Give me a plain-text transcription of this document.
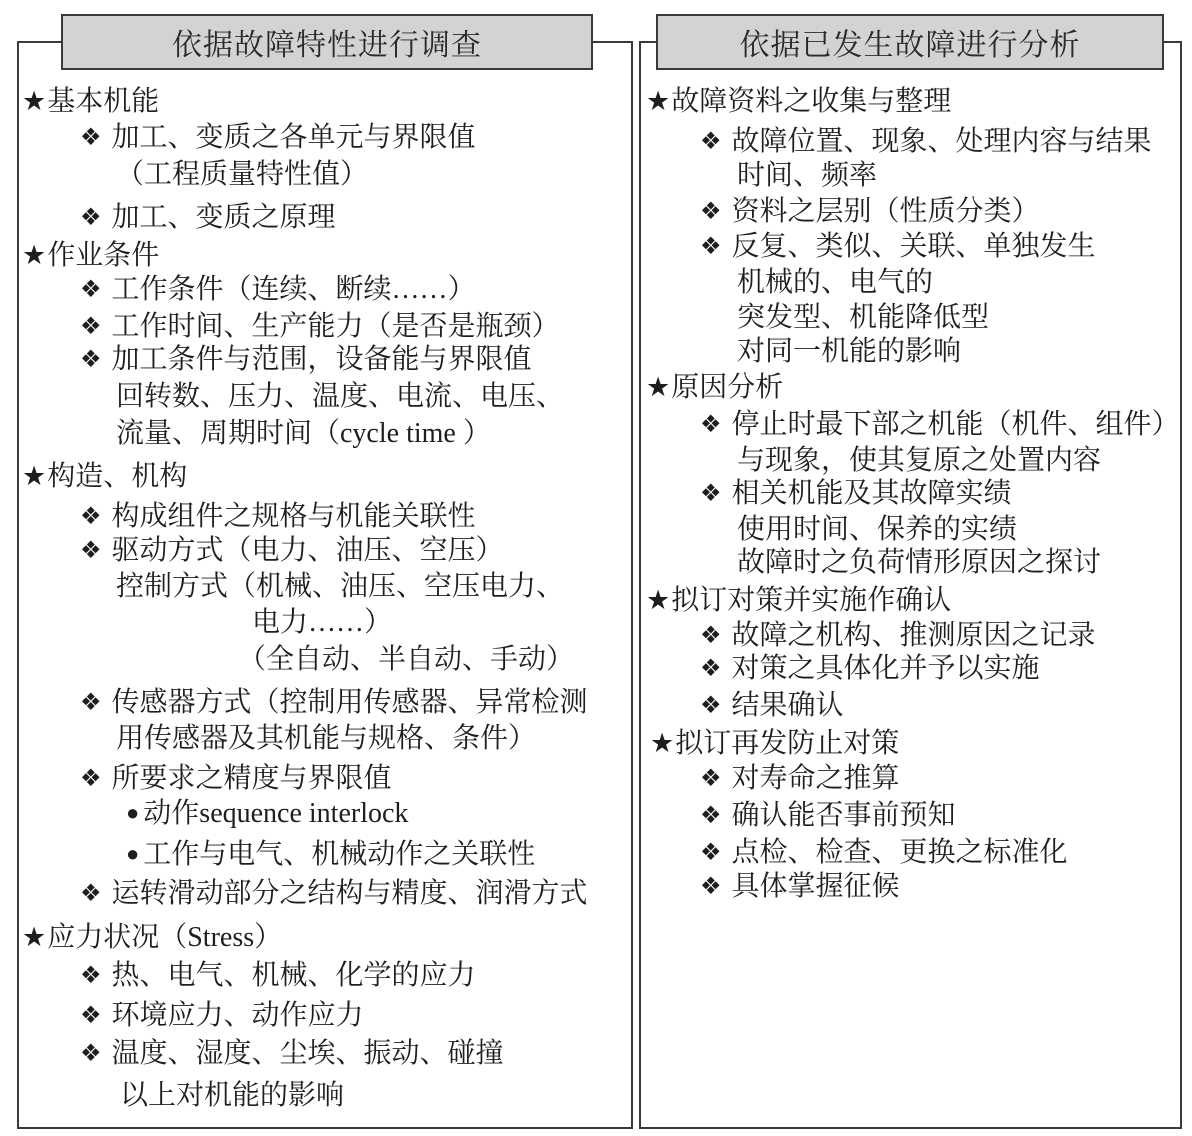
依据故障特性进行调查	依据已发生故障进行分析
★基本机能
❖ 加工、变质之各单元与界限值
（工程质量特性值）
❖ 加工、变质之原理
★作业条件
❖ 工作条件（连续、断续……）
❖ 工作时间、生产能力（是否是瓶颈）
❖ 加工条件与范围，设备能与界限值
回转数、压力、温度、电流、电压、
流量、周期时间（cycle time ）
★构造、机构
❖ 构成组件之规格与机能关联性
❖ 驱动方式（电力、油压、空压）
控制方式（机械、油压、空压电力、
电力……）
（全自动、半自动、手动）
❖ 传感器方式（控制用传感器、异常检测
用传感器及其机能与规格、条件）
❖ 所要求之精度与界限值
● 动作sequence interlock
● 工作与电气、机械动作之关联性
❖ 运转滑动部分之结构与精度、润滑方式
★应力状况（Stress）
❖ 热、电气、机械、化学的应力
❖ 环境应力、动作应力
❖ 温度、湿度、尘埃、振动、碰撞
以上对机能的影响
★故障资料之收集与整理
❖ 故障位置、现象、处理内容与结果
时间、频率
❖ 资料之层别（性质分类）
❖ 反复、类似、关联、单独发生
机械的、电气的
突发型、机能降低型
对同一机能的影响
★原因分析
❖ 停止时最下部之机能（机件、组件）
与现象，使其复原之处置内容
❖ 相关机能及其故障实绩
使用时间、保养的实绩
故障时之负荷情形原因之探讨
★拟订对策并实施作确认
❖ 故障之机构、推测原因之记录
❖ 对策之具体化并予以实施
❖ 结果确认
★拟订再发防止对策
❖ 对寿命之推算
❖ 确认能否事前预知
❖ 点检、检查、更换之标准化
❖ 具体掌握征候
